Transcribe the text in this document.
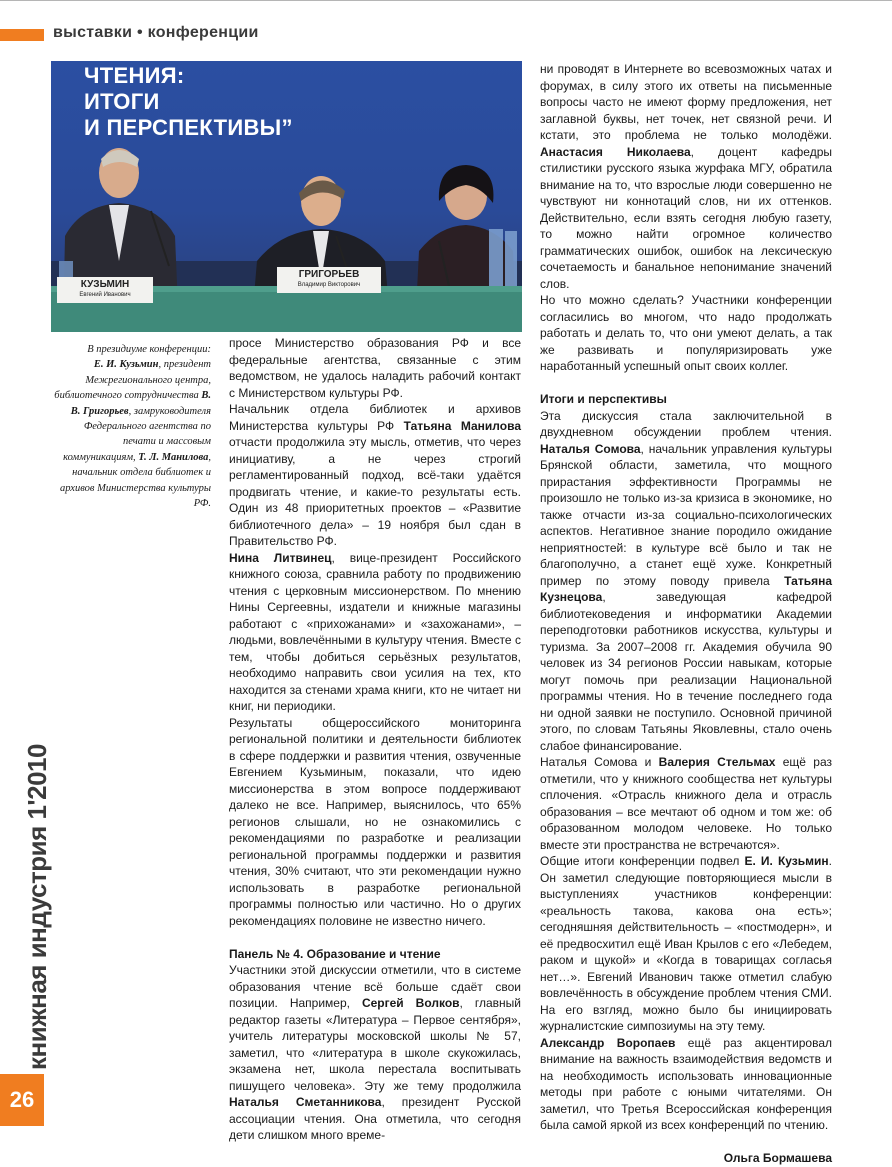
выставки • конференции
книжная индустрия 1'2010
26
ЧТЕНИЯ:
ИТОГИ
И ПЕРСПЕКТИВЫ”
КУЗЬМИН
Евгений Иванович
ГРИГОРЬЕВ
Владимир Викторович
В президиуме конференции:
Е. И. Кузьмин, президент Межрегионального центра, библиотечного сотрудничества В. В. Григорьев, замруководителя Федерального агентства по печати и массовым коммуникациям, Т. Л. Манилова, начальник отдела библиотек и архивов Министерства культуры РФ.

просе Министерство образования РФ и все федеральные агентства, связанные с этим ведомством, не удалось наладить рабочий контакт с Министерством культуры РФ.

Начальник отдела библиотек и архивов Министерства культуры РФ Татьяна Манилова отчасти продолжила эту мысль, отметив, что через инициативу, а не через строгий регламентированный подход, всё-таки удаётся продвигать чтение, и какие-то результаты есть. Один из 48 приоритетных проектов – «Развитие библиотечного дела» – 19 ноября был сдан в Правительство РФ.

Нина Литвинец, вице-президент Российского книжного союза, сравнила работу по продвижению чтения с церковным миссионерством. По мнению Нины Сергеевны, издатели и книжные магазины работают с «прихожанами» и «захожанами», – людьми, вовлечёнными в культуру чтения. Вместе с тем, чтобы добиться серьёзных результатов, необходимо направить свои усилия на тех, кто находится за стенами храма книги, кто не читает ни книг, ни периодики.

Результаты общероссийского мониторинга региональной политики и деятельности библиотек в сфере поддержки и развития чтения, озвученные Евгением Кузьминым, показали, что идею миссионерства в этом вопросе поддерживают далеко не все. Например, выяснилось, что 65% регионов слышали, но не ознакомились с рекомендациями по разработке и реализации региональной программы поддержки и развития чтения, 30% считают, что эти рекомендации нужно использовать в разработке региональной программы полностью или частично. Но о других рекомендациях половине не известно ничего.

Панель № 4. Образование и чтение

Участники этой дискуссии отметили, что в системе образования чтение всё больше сдаёт свои позиции. Например, Сергей Волков, главный редактор газеты «Литература – Первое сентября», учитель литературы московской школы № 57, заметил, что «литература в школе скукожилась, экзамена нет, школа перестала воспитывать пишущего человека». Эту же тему продолжила Наталья Сметанникова, президент Русской ассоциации чтения. Она отметила, что сегодня дети слишком много време-

ни проводят в Интернете во всевозможных чатах и форумах, в силу этого их ответы на письменные вопросы часто не имеют форму предложения, нет заглавной буквы, нет точек, нет связной речи. И кстати, это проблема не только молодёжи. Анастасия Николаева, доцент кафедры стилистики русского языка журфака МГУ, обратила внимание на то, что взрослые люди совершенно не чувствуют ни коннотаций слов, ни их оттенков. Действительно, если взять сегодня любую газету, то можно найти огромное количество грамматических ошибок, ошибок на лексическую сочетаемость и банальное непонимание значений слов.

Но что можно сделать? Участники конференции согласились во многом, что надо продолжать работать и делать то, что они умеют делать, а так же развивать и популяризировать уже наработанный успешный опыт своих коллег.

Итоги и перспективы

Эта дискуссия стала заключительной в двухдневном обсуждении проблем чтения. Наталья Сомова, начальник управления культуры Брянской области, заметила, что мощного прирастания эффективности Программы не произошло не только из-за кризиса в экономике, но также отчасти из-за социально-психологических аспектов. Негативное знание породило ожидание неприятностей: в культуре всё было и так не благополучно, а станет ещё хуже. Конкретный пример по этому поводу привела Татьяна Кузнецова, заведующая кафедрой библиотековедения и информатики Академии переподготовки работников искусства, культуры и туризма. За 2007–2008 гг. Академия обучила 90 человек из 34 регионов России навыкам, которые могут помочь при реализации Национальной программы чтения. Но в течение последнего года ни одной заявки не поступило. Основной причиной этого, по словам Татьяны Яковлевны, стало очень слабое финансирование.

Наталья Сомова и Валерия Стельмах ещё раз отметили, что у книжного сообщества нет культуры сплочения. «Отрасль книжного дела и отрасль образования – все мечтают об одном и том же: об образованном молодом человеке. Но только вместе эти пространства не встречаются».

Общие итоги конференции подвел Е. И. Кузьмин. Он заметил следующие повторяющиеся мысли в выступлениях участников конференции: «реальность такова, какова она есть»; сегодняшняя действительность – «постмодерн», и её предвосхитил ещё Иван Крылов с его «Лебедем, раком и щукой» и «Когда в товарищах согласья нет…». Евгений Иванович также отметил слабую вовлечённость в обсуждение проблем чтения СМИ. На его взгляд, можно было бы инициировать журналистские симпозиумы на эту тему.

Александр Воропаев ещё раз акцентировал внимание на важность взаимодействия ведомств и на необходимость использовать инновационные методы при работе с юными читателями. Он заметил, что Третья Всероссийская конференция была самой яркой из всех конференций по чтению.

Ольга Бормашева
